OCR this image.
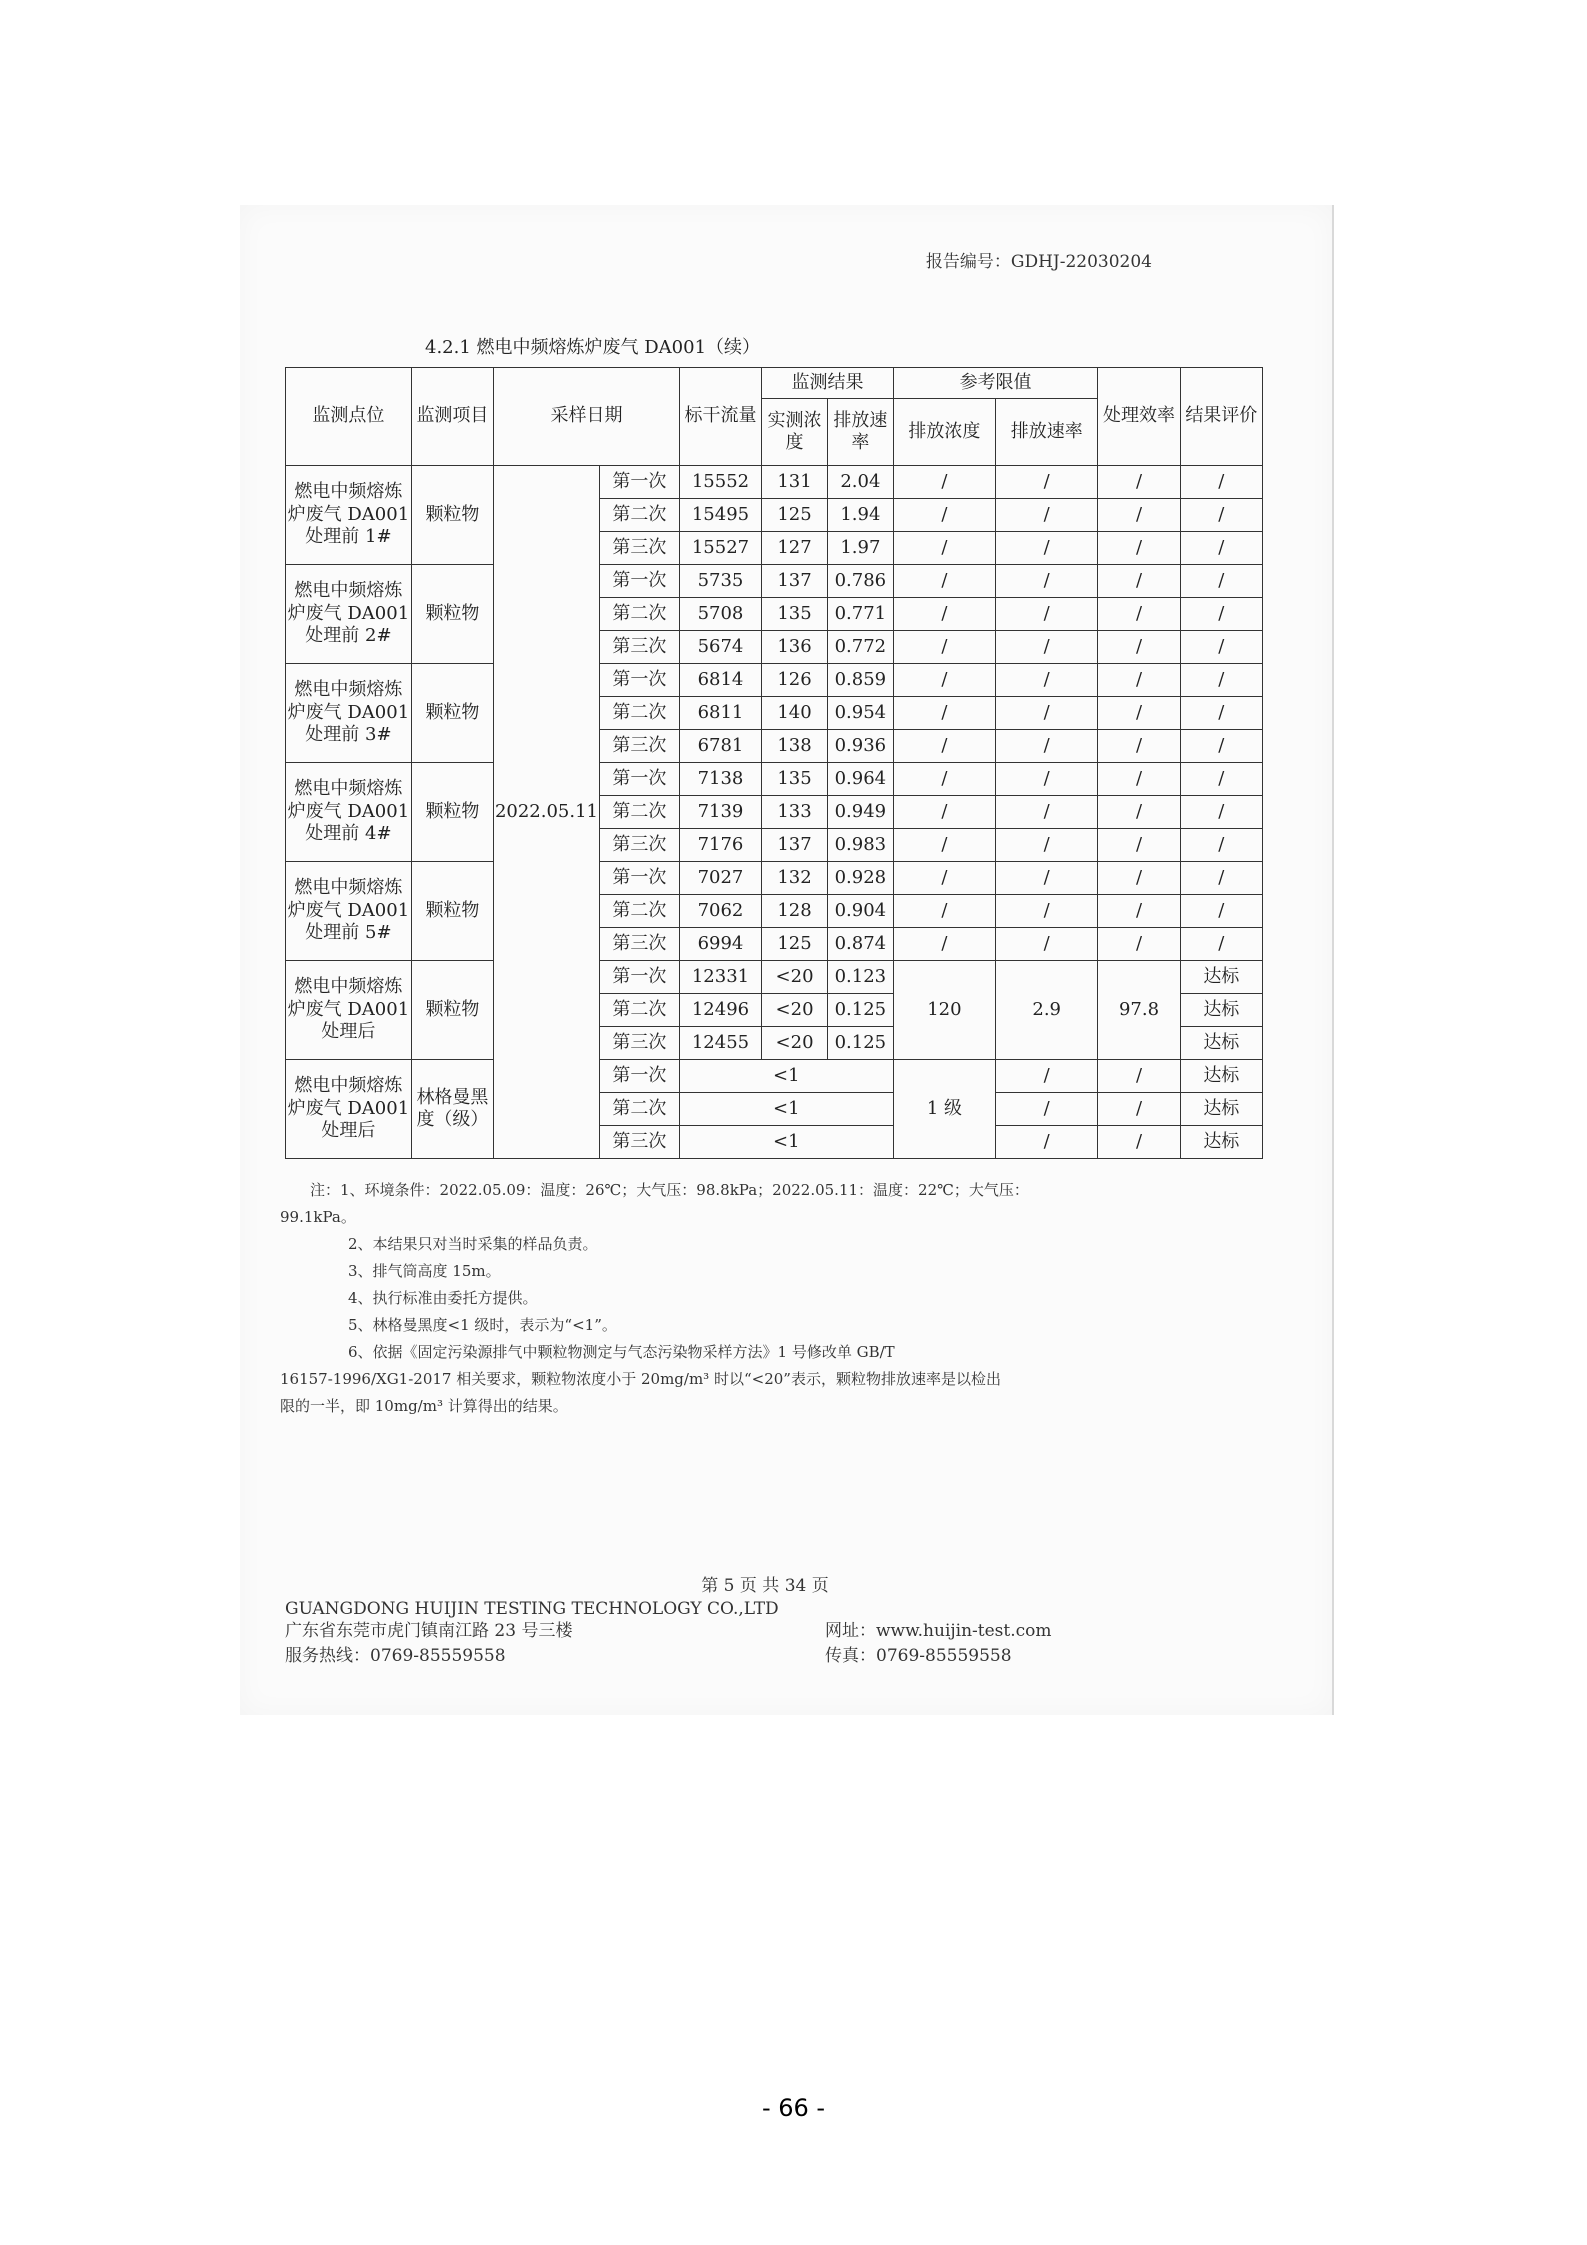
报告编号：GDHJ-22030204
4.2.1 燃电中频熔炼炉废气 DA001（续）
监测点位	监测项目	采样日期		标干流量	监测结果		参考限值		处理效率	结果评价
					实测浓度	排放速率	排放浓度	排放速率		
燃电中频熔炼炉废气 DA001 处理前 1#	颗粒物	2022.05.11	第一次	15552	131	2.04	/	/	/	/
			第二次	15495	125	1.94	/	/	/	/
			第三次	15527	127	1.97	/	/	/	/
燃电中频熔炼炉废气 DA001 处理前 2#	颗粒物		第一次	5735	137	0.786	/	/	/	/
			第二次	5708	135	0.771	/	/	/	/
			第三次	5674	136	0.772	/	/	/	/
燃电中频熔炼炉废气 DA001 处理前 3#	颗粒物		第一次	6814	126	0.859	/	/	/	/
			第二次	6811	140	0.954	/	/	/	/
			第三次	6781	138	0.936	/	/	/	/
燃电中频熔炼炉废气 DA001 处理前 4#	颗粒物		第一次	7138	135	0.964	/	/	/	/
			第二次	7139	133	0.949	/	/	/	/
			第三次	7176	137	0.983	/	/	/	/
燃电中频熔炼炉废气 DA001 处理前 5#	颗粒物		第一次	7027	132	0.928	/	/	/	/
			第二次	7062	128	0.904	/	/	/	/
			第三次	6994	125	0.874	/	/	/	/
燃电中频熔炼炉废气 DA001 处理后	颗粒物		第一次	12331	<20	0.123	120	2.9	97.8	达标
			第二次	12496	<20	0.125				达标
			第三次	12455	<20	0.125				达标
燃电中频熔炼炉废气 DA001 处理后	林格曼黑度（级）		第一次	<1			1 级	/	/	达标
			第二次	<1				/	/	达标
			第三次	<1				/	/	达标
注：1、环境条件：2022.05.09：温度：26℃；大气压：98.8kPa；2022.05.11：温度：22℃；大气压：
99.1kPa。
2、本结果只对当时采集的样品负责。
3、排气筒高度 15m。
4、执行标准由委托方提供。
5、林格曼黑度<1 级时，表示为“<1”。
6、依据《固定污染源排气中颗粒物测定与气态污染物采样方法》1 号修改单 GB/T
16157-1996/XG1-2017 相关要求，颗粒物浓度小于 20mg/m³ 时以“<20”表示，颗粒物排放速率是以检出
限的一半，即 10mg/m³ 计算得出的结果。
第 5 页 共 34 页
GUANGDONG HUIJIN TESTING TECHNOLOGY CO.,LTD
广东省东莞市虎门镇南江路 23 号三楼	网址：www.huijin-test.com
服务热线：0769-85559558	传真：0769-85559558
- 66 -
